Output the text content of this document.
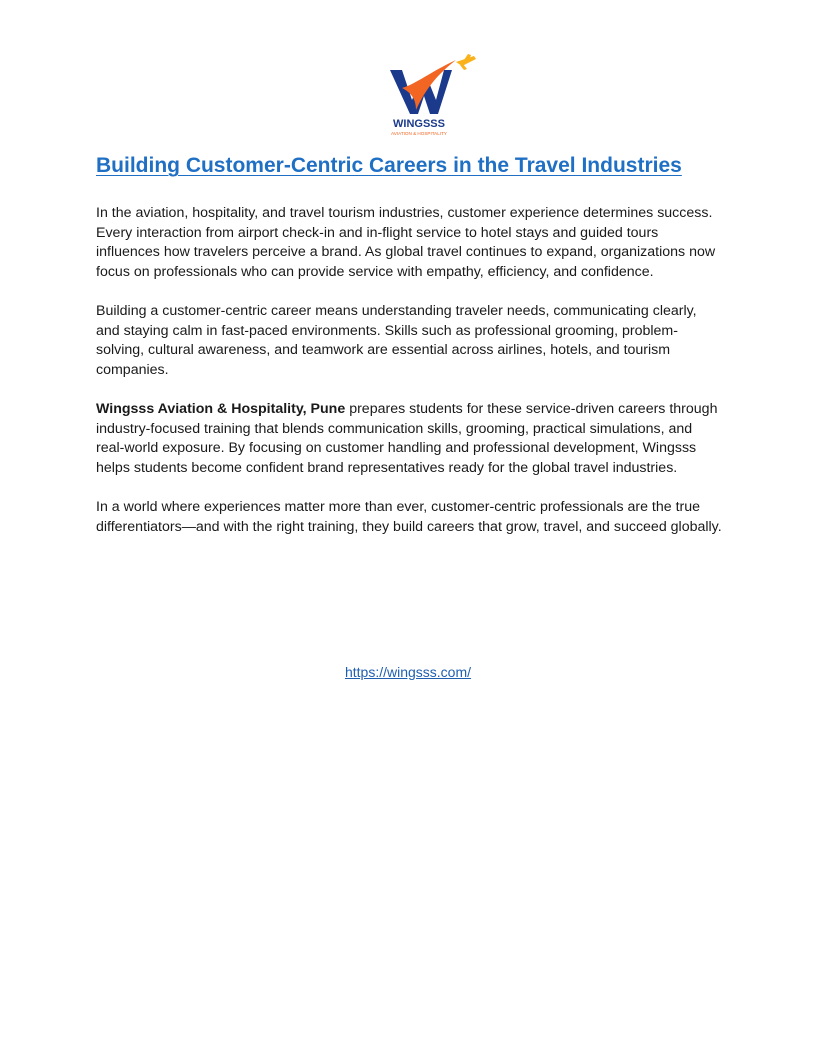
WINGSSS
AVIATION & HOSPITALITY
Building Customer-Centric Careers in the Travel Industries

In the aviation, hospitality, and travel tourism industries, customer experience determines success. Every interaction from airport check-in and in-flight service to hotel stays and guided tours influences how travelers perceive a brand. As global travel continues to expand, organizations now focus on professionals who can provide service with empathy, efficiency, and confidence.

Building a customer-centric career means understanding traveler needs, communicating clearly, and staying calm in fast-paced environments. Skills such as professional grooming, problem-solving, cultural awareness, and teamwork are essential across airlines, hotels, and tourism companies.

Wingsss Aviation & Hospitality, Pune prepares students for these service-driven careers through industry-focused training that blends communication skills, grooming, practical simulations, and real-world exposure. By focusing on customer handling and professional development, Wingsss helps students become confident brand representatives ready for the global travel industries.

In a world where experiences matter more than ever, customer-centric professionals are the true differentiators—and with the right training, they build careers that grow, travel, and succeed globally.

https://wingsss.com/
